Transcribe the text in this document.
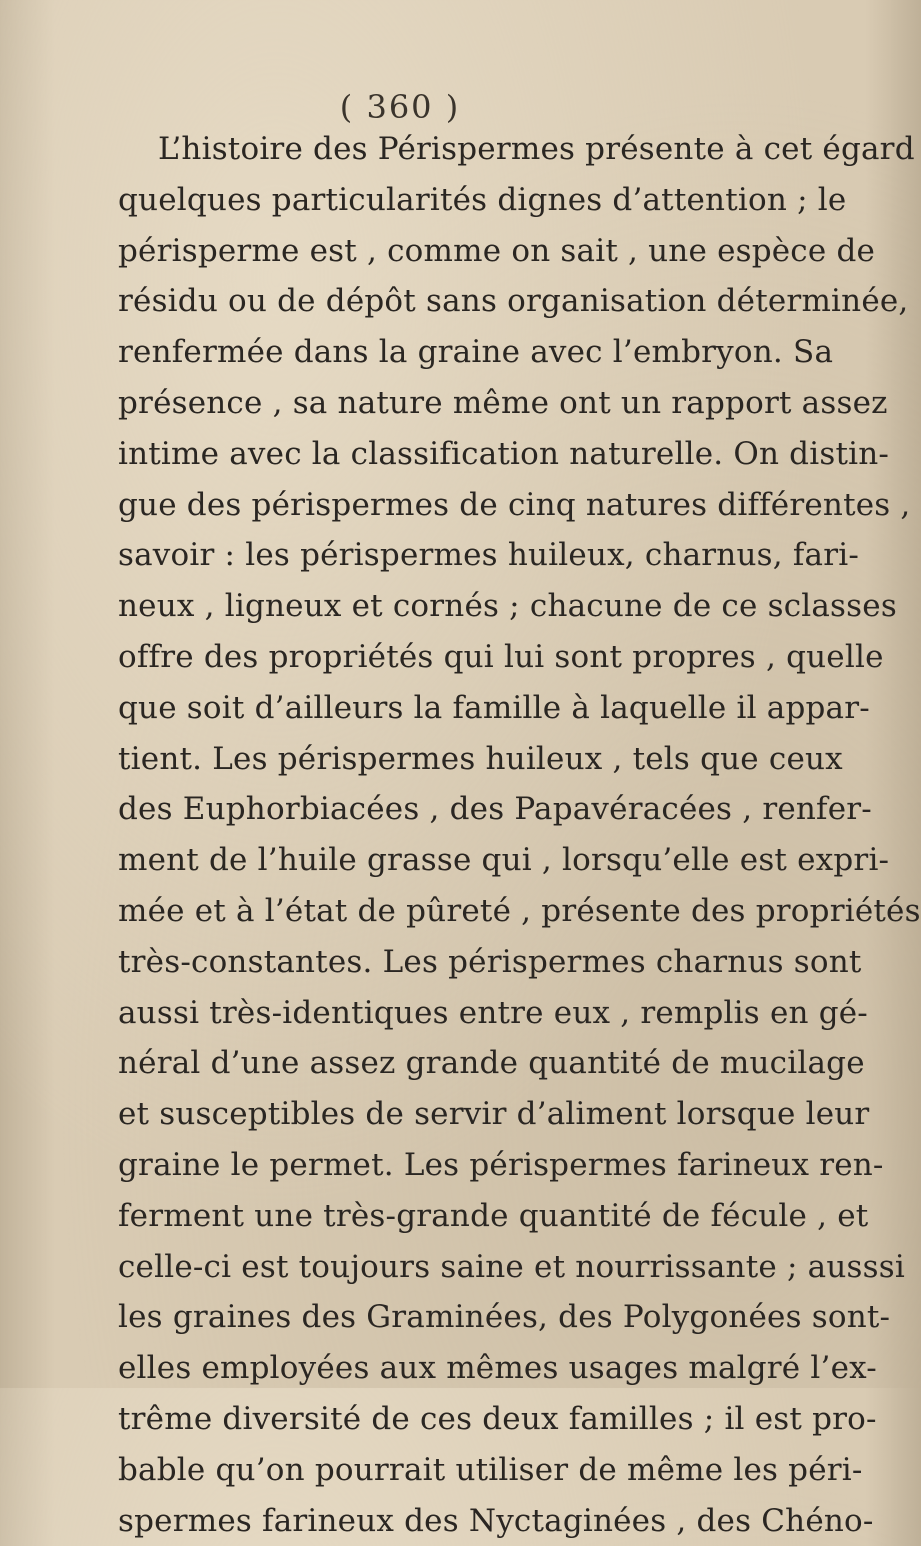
( 360 )
L’histoire des Périspermes présente à cet égard
quelques particularités dignes d’attention ; le
périsperme est , comme on sait , une espèce de
résidu ou de dépôt sans organisation déterminée,
renfermée dans la graine avec l’embryon. Sa
présence , sa nature même ont un rapport assez
intime avec la classification naturelle. On distin-
gue des périspermes de cinq natures différentes ,
savoir : les périspermes huileux, charnus, fari-
neux , ligneux et cornés ; chacune de ce sclasses
offre des propriétés qui lui sont propres , quelle
que soit d’ailleurs la famille à laquelle il appar-
tient. Les périspermes huileux , tels que ceux
des Euphorbiacées , des Papavéracées , renfer-
ment de l’huile grasse qui , lorsqu’elle est expri-
mée et à l’état de pûreté , présente des propriétés
très-constantes. Les périspermes charnus sont
aussi très-identiques entre eux , remplis en gé-
néral d’une assez grande quantité de mucilage
et susceptibles de servir d’aliment lorsque leur
graine le permet. Les périspermes farineux ren-
ferment une très-grande quantité de fécule , et
celle-ci est toujours saine et nourrissante ; ausssi
les graines des Graminées, des Polygonées sont-
elles employées aux mêmes usages malgré l’ex-
trême diversité de ces deux familles ; il est pro-
bable qu’on pourrait utiliser de même les péri-
spermes farineux des Nyctaginées , des Chéno-
